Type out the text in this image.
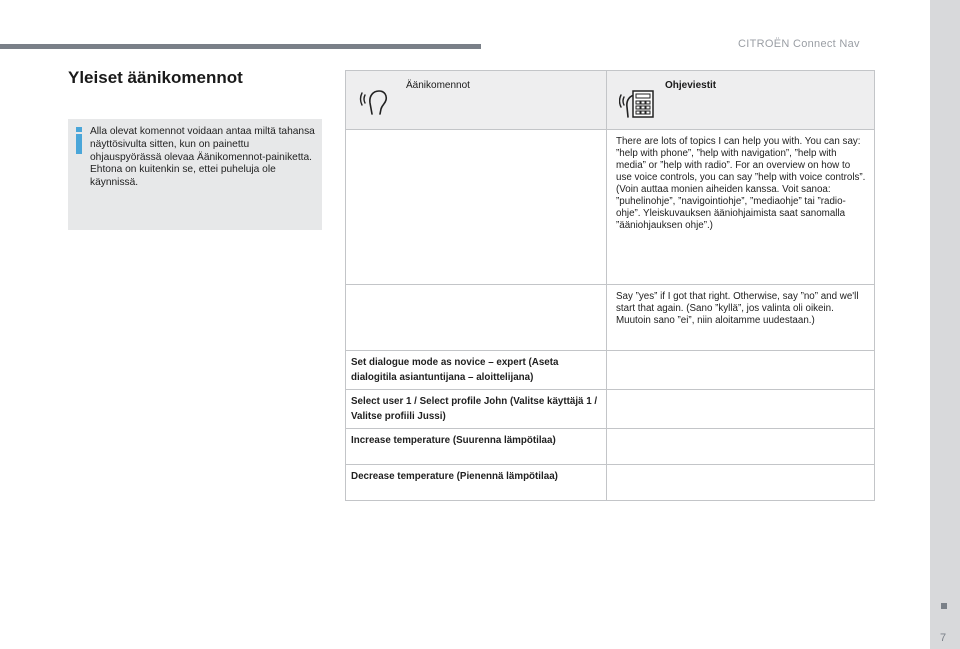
CITROËN Connect Nav
7
Yleiset äänikomennot

Alla olevat komennot voidaan antaa miltä tahansa näyttösivulta sitten, kun on painettu ohjauspyörässä olevaa Äänikomennot-painiketta. Ehtona on kuitenkin se, ettei puheluja ole käynnissä.

Äänikomennot	Ohjeviestit

	There are lots of topics I can help you with. You can say: ”help with phone”, ”help with navigation”, ”help with media” or ”help with radio”. For an overview on how to use voice controls, you can say ”help with voice controls”. (Voin auttaa monien aiheiden kanssa. Voit sanoa: ”puhelinohje”, ”navigointiohje”, ”mediaohje” tai ”radio-ohje”. Yleiskuvauksen ääniohjaimista saat sanomalla ”ääniohjauksen ohje”.)

	Say ”yes” if I got that right. Otherwise, say ”no” and we'll start that again. (Sano ”kyllä”, jos valinta oli oikein. Muutoin sano ”ei”, niin aloitamme uudestaan.)

Set dialogue mode as novice – expert (Aseta dialogitila asiantuntijana – aloittelijana)	

Select user 1 / Select profile John (Valitse käyttäjä 1 / Valitse profiili Jussi)	

Increase temperature (Suurenna lämpötilaa)	

Decrease temperature (Pienennä lämpötilaa)	
